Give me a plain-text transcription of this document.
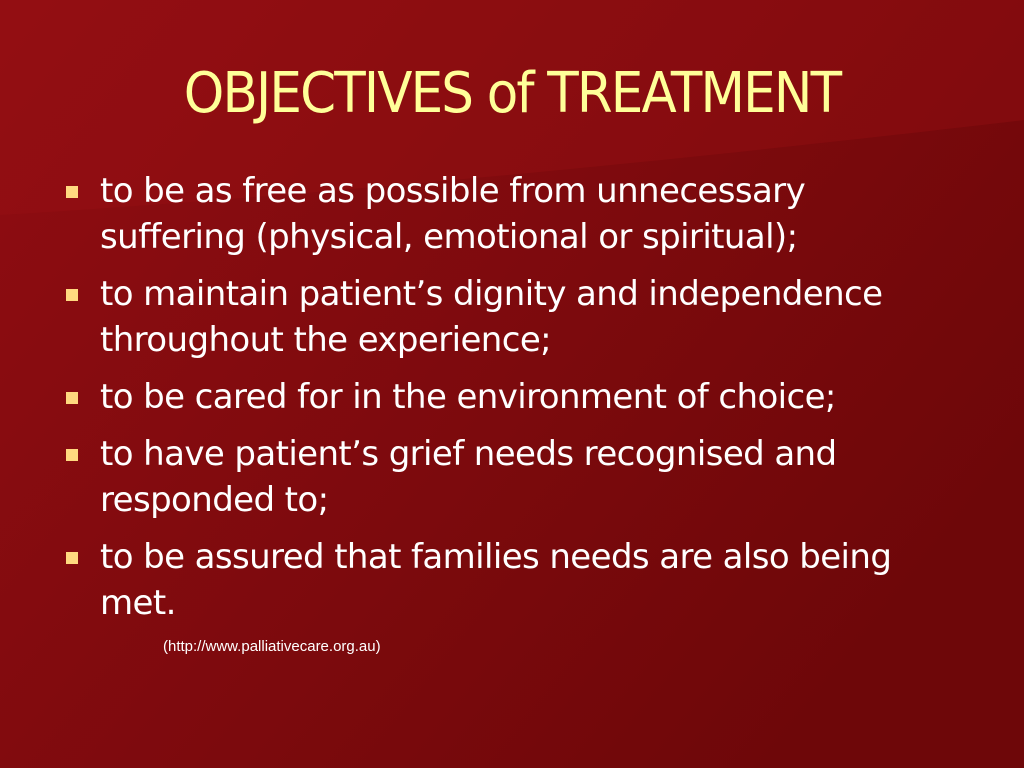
OBJECTIVES of TREATMENT
to be as free as possible from unnecessary suffering (physical, emotional or spiritual);
to maintain patient’s dignity and independence throughout the experience;
to be cared for in the environment of choice;
to have patient’s grief needs recognised and responded to;
to be assured that families needs are also being met.
(http://www.palliativecare.org.au)
